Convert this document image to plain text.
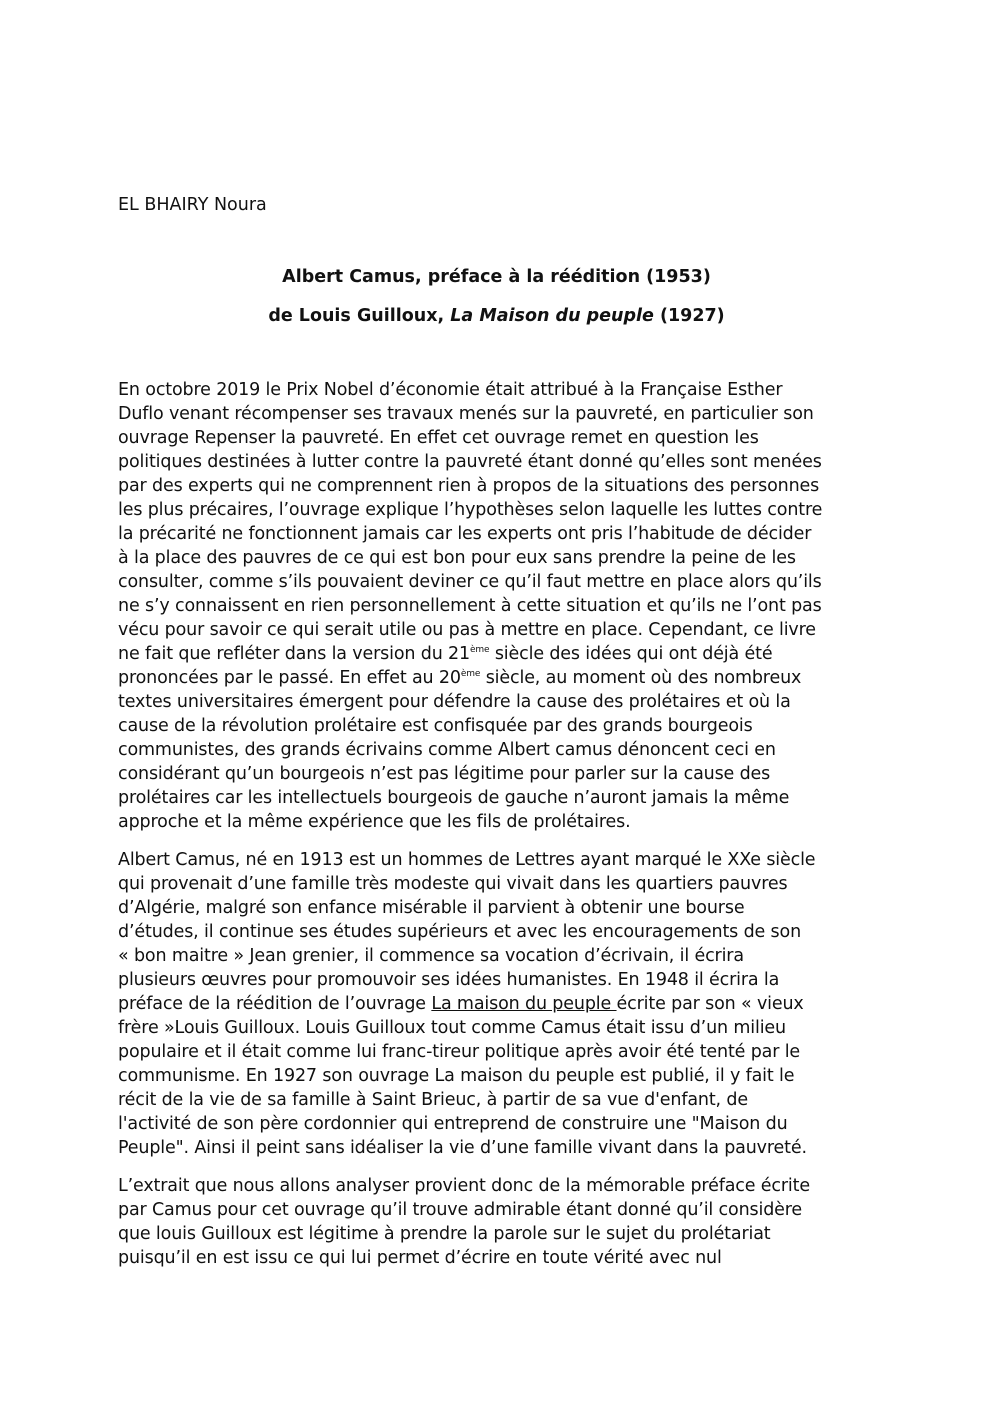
EL BHAIRY Noura
Albert Camus, préface à la réédition (1953)
de Louis Guilloux, La Maison du peuple (1927)
En octobre 2019 le Prix Nobel d’économie était attribué à la Française Esther
Duflo venant récompenser ses travaux menés sur la pauvreté, en particulier son
ouvrage Repenser la pauvreté. En effet cet ouvrage remet en question les
politiques destinées à lutter contre la pauvreté étant donné qu’elles sont menées
par des experts qui ne comprennent rien à propos de la situations des personnes
les plus précaires, l’ouvrage explique l’hypothèses selon laquelle les luttes contre
la précarité ne fonctionnent jamais car les experts ont pris l’habitude de décider
à la place des pauvres de ce qui est bon pour eux sans prendre la peine de les
consulter, comme s’ils pouvaient deviner ce qu’il faut mettre en place alors qu’ils
ne s’y connaissent en rien personnellement à cette situation et qu’ils ne l’ont pas
vécu pour savoir ce qui serait utile ou pas à mettre en place. Cependant, ce livre
ne fait que refléter dans la version du 21ème siècle des idées qui ont déjà été
prononcées par le passé. En effet au 20ème siècle, au moment où des nombreux
textes universitaires émergent pour défendre la cause des prolétaires et où la
cause de la révolution prolétaire est confisquée par des grands bourgeois
communistes, des grands écrivains comme Albert camus dénoncent ceci en
considérant qu’un bourgeois n’est pas légitime pour parler sur la cause des
prolétaires car les intellectuels bourgeois de gauche n’auront jamais la même
approche et la même expérience que les fils de prolétaires.
Albert Camus, né en 1913 est un hommes de Lettres ayant marqué le XXe siècle
qui provenait d’une famille très modeste qui vivait dans les quartiers pauvres
d’Algérie, malgré son enfance misérable il parvient à obtenir une bourse
d’études, il continue ses études supérieurs et avec les encouragements de son
« bon maitre » Jean grenier, il commence sa vocation d’écrivain, il écrira
plusieurs œuvres pour promouvoir ses idées humanistes. En 1948 il écrira la
préface de la réédition de l’ouvrage La maison du peuple écrite par son « vieux
frère »Louis Guilloux. Louis Guilloux tout comme Camus était issu d’un milieu
populaire et il était comme lui franc-tireur politique après avoir été tenté par le
communisme. En 1927 son ouvrage La maison du peuple est publié, il y fait le
récit de la vie de sa famille à Saint Brieuc, à partir de sa vue d'enfant, de
l'activité de son père cordonnier qui entreprend de construire une "Maison du
Peuple". Ainsi il peint sans idéaliser la vie d’une famille vivant dans la pauvreté.
L’extrait que nous allons analyser provient donc de la mémorable préface écrite
par Camus pour cet ouvrage qu’il trouve admirable étant donné qu’il considère
que louis Guilloux est légitime à prendre la parole sur le sujet du prolétariat
puisqu’il en est issu ce qui lui permet d’écrire en toute vérité avec nul
